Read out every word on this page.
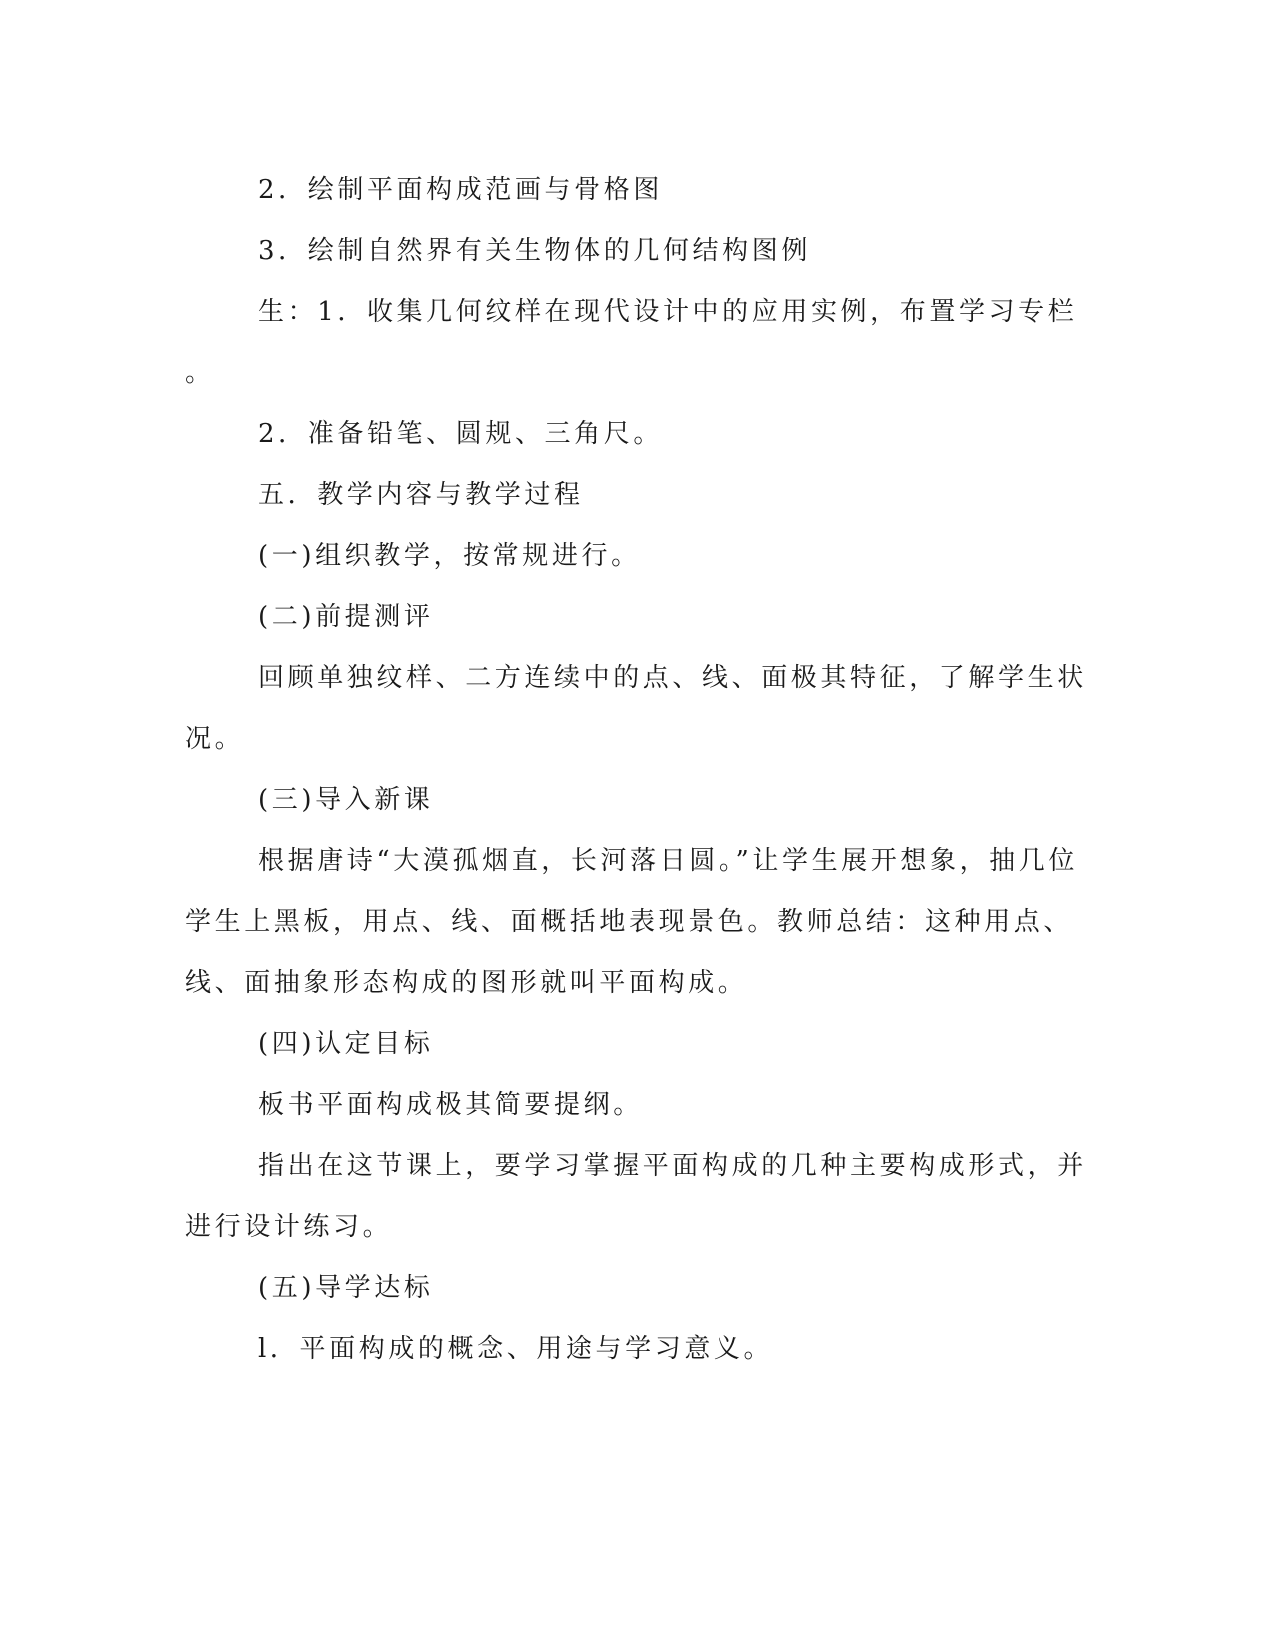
2．绘制平面构成范画与骨格图
3．绘制自然界有关生物体的几何结构图例
生：1．收集几何纹样在现代设计中的应用实例，布置学习专栏
。
2．准备铅笔、圆规、三角尺。
五．教学内容与教学过程
(一)组织教学，按常规进行。
(二)前提测评
回顾单独纹样、二方连续中的点、线、面极其特征，了解学生状
况。
(三)导入新课
根据唐诗“大漠孤烟直，长河落日圆。”让学生展开想象，抽几位
学生上黑板，用点、线、面概括地表现景色。教师总结：这种用点、
线、面抽象形态构成的图形就叫平面构成。
(四)认定目标
板书平面构成极其简要提纲。
指出在这节课上，要学习掌握平面构成的几种主要构成形式，并
进行设计练习。
(五)导学达标
l．平面构成的概念、用途与学习意义。
